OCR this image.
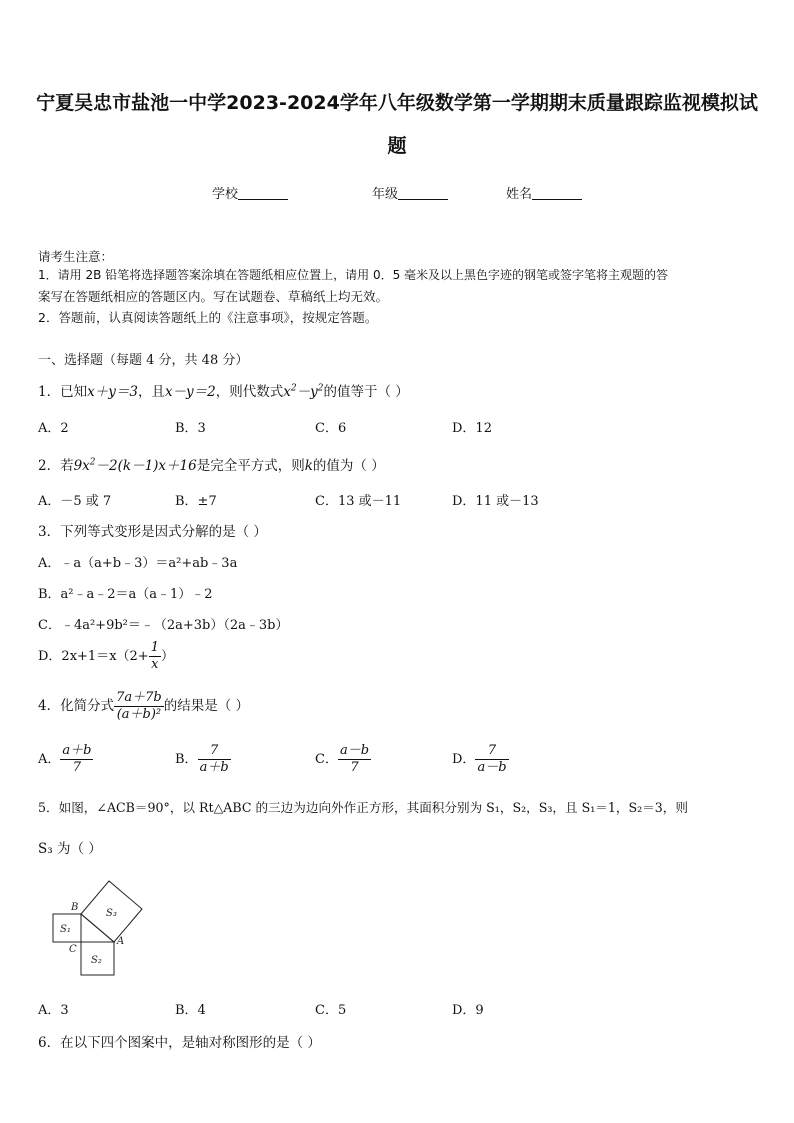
宁夏吴忠市盐池一中学2023-2024学年八年级数学第一学期期末质量跟踪监视模拟试
题
学校	年级	姓名
请考生注意：
1．请用 2B 铅笔将选择题答案涂填在答题纸相应位置上，请用 0．5 毫米及以上黑色字迹的钢笔或签字笔将主观题的答
案写在答题纸相应的答题区内。写在试题卷、草稿纸上均无效。
2．答题前，认真阅读答题纸上的《注意事项》，按规定答题。
一、选择题（每题 4 分，共 48 分）
1．已知x＋y＝3，且x－y＝2，则代数式$x^2-y^2$的值等于（ ）
A．2	B．3	C．6	D．12
2．若$9x^2-2(k-1)x+16$是完全平方式，则k的值为（ ）
A．－5 或 7	B．±7	C．13 或－11	D．11 或－13
3．下列等式变形是因式分解的是（ ）
A．﹣a（a+b﹣3）＝a²+ab﹣3a
B．a²﹣a﹣2＝a（a﹣1）﹣2
C．﹣4a²+9b²＝﹣（2a+3b）（2a﹣3b）
D．$2x+1=x(2+ \frac{1}{x}$ ）
4．化简分式 $\frac{7a+7b}{\text{(a＋b)²}}$ 的结果是（ ）
A． $\frac{a+b}{7}$	B． $\frac{7}{a+b}$	C． $\frac{a-b}{7}$	D． $\frac{7}{a-b}$
5．如图，∠ACB＝90°，以 Rt△ABC 的三边为边向外作正方形，其面积分别为 S₁，S₂，S₃，且 S₁＝1，S₂＝3，则
S₃ 为（ ）
B
C
A
S₁
S₂
S₃
A．3	B．4	C．5	D．9
6．在以下四个图案中，是轴对称图形的是（ ）
